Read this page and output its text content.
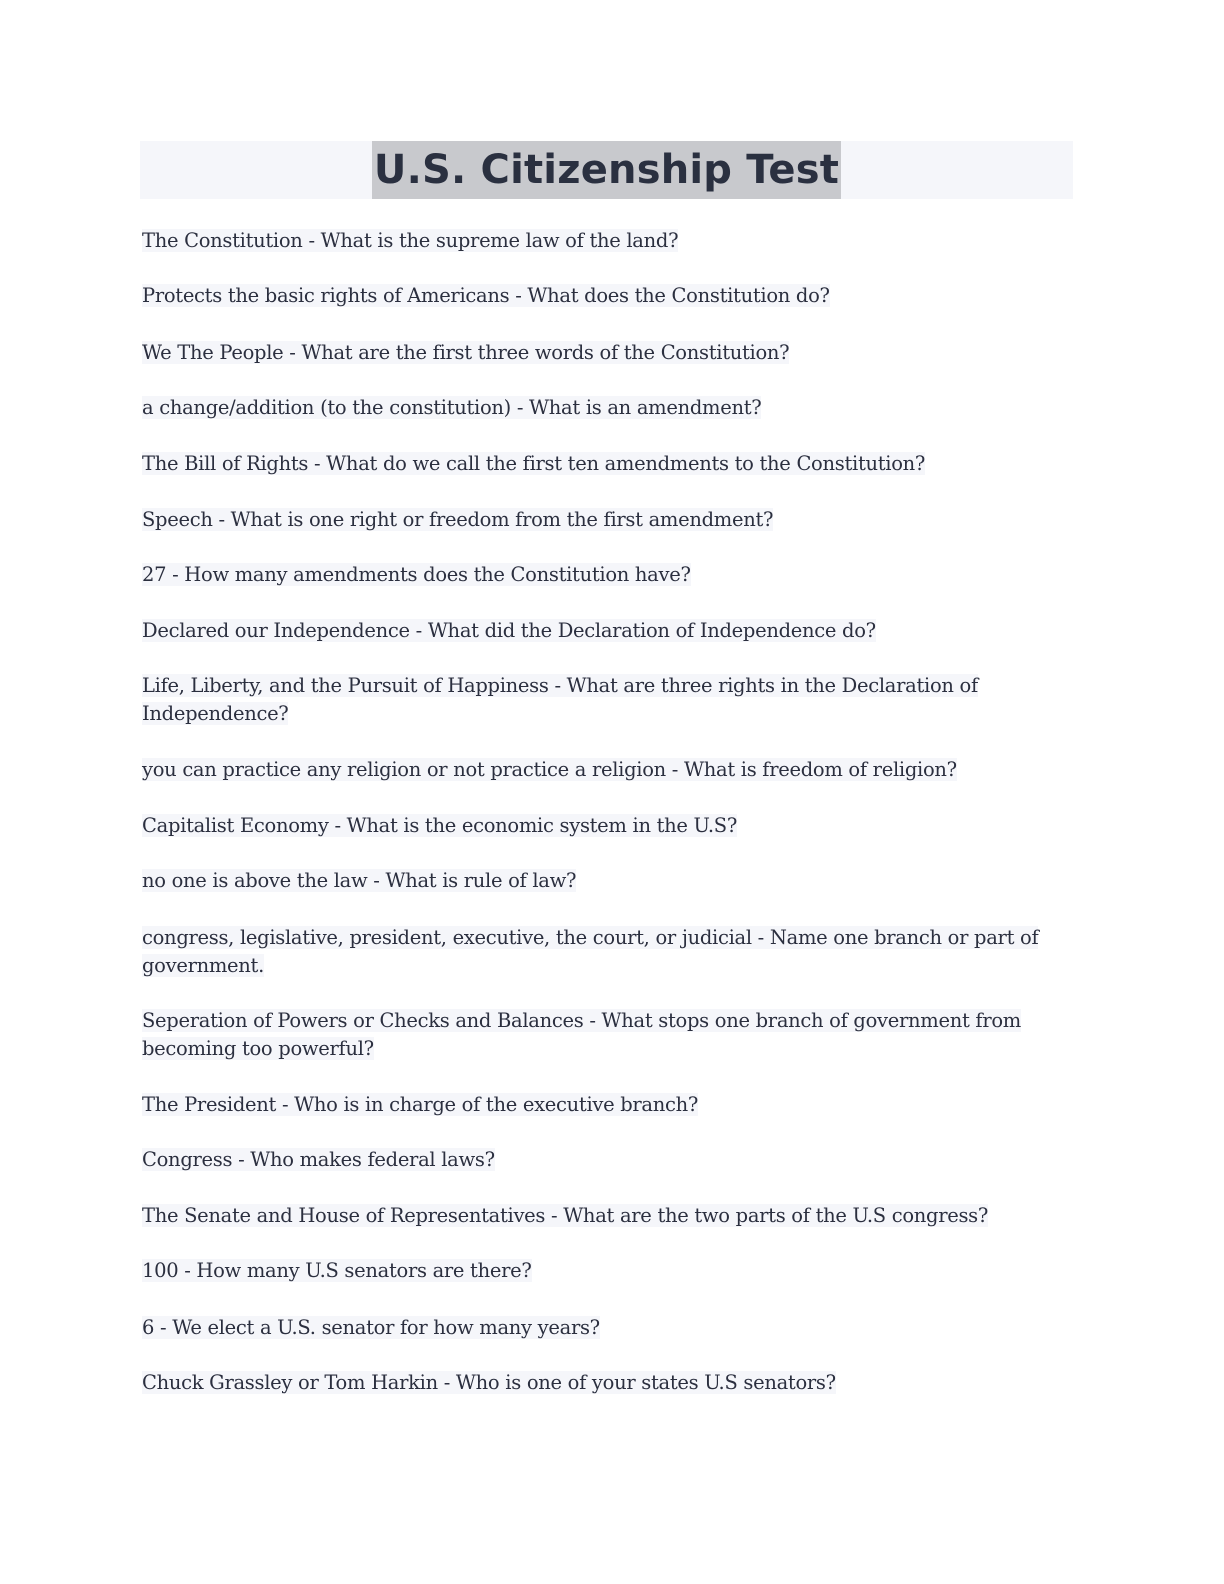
U.S. Citizenship Test
The Constitution - What is the supreme law of the land?
Protects the basic rights of Americans - What does the Constitution do?
We The People - What are the first three words of the Constitution?
a change/addition (to the constitution) - What is an amendment?
The Bill of Rights - What do we call the first ten amendments to the Constitution?
Speech - What is one right or freedom from the first amendment?
27 - How many amendments does the Constitution have?
Declared our Independence - What did the Declaration of Independence do?
Life, Liberty, and the Pursuit of Happiness - What are three rights in the Declaration of Independence?
you can practice any religion or not practice a religion - What is freedom of religion?
Capitalist Economy - What is the economic system in the U.S?
no one is above the law - What is rule of law?
congress, legislative, president, executive, the court, or judicial - Name one branch or part of government.
Seperation of Powers or Checks and Balances - What stops one branch of government from becoming too powerful?
The President - Who is in charge of the executive branch?
Congress - Who makes federal laws?
The Senate and House of Representatives - What are the two parts of the U.S congress?
100 - How many U.S senators are there?
6 - We elect a U.S. senator for how many years?
Chuck Grassley or Tom Harkin - Who is one of your states U.S senators?
